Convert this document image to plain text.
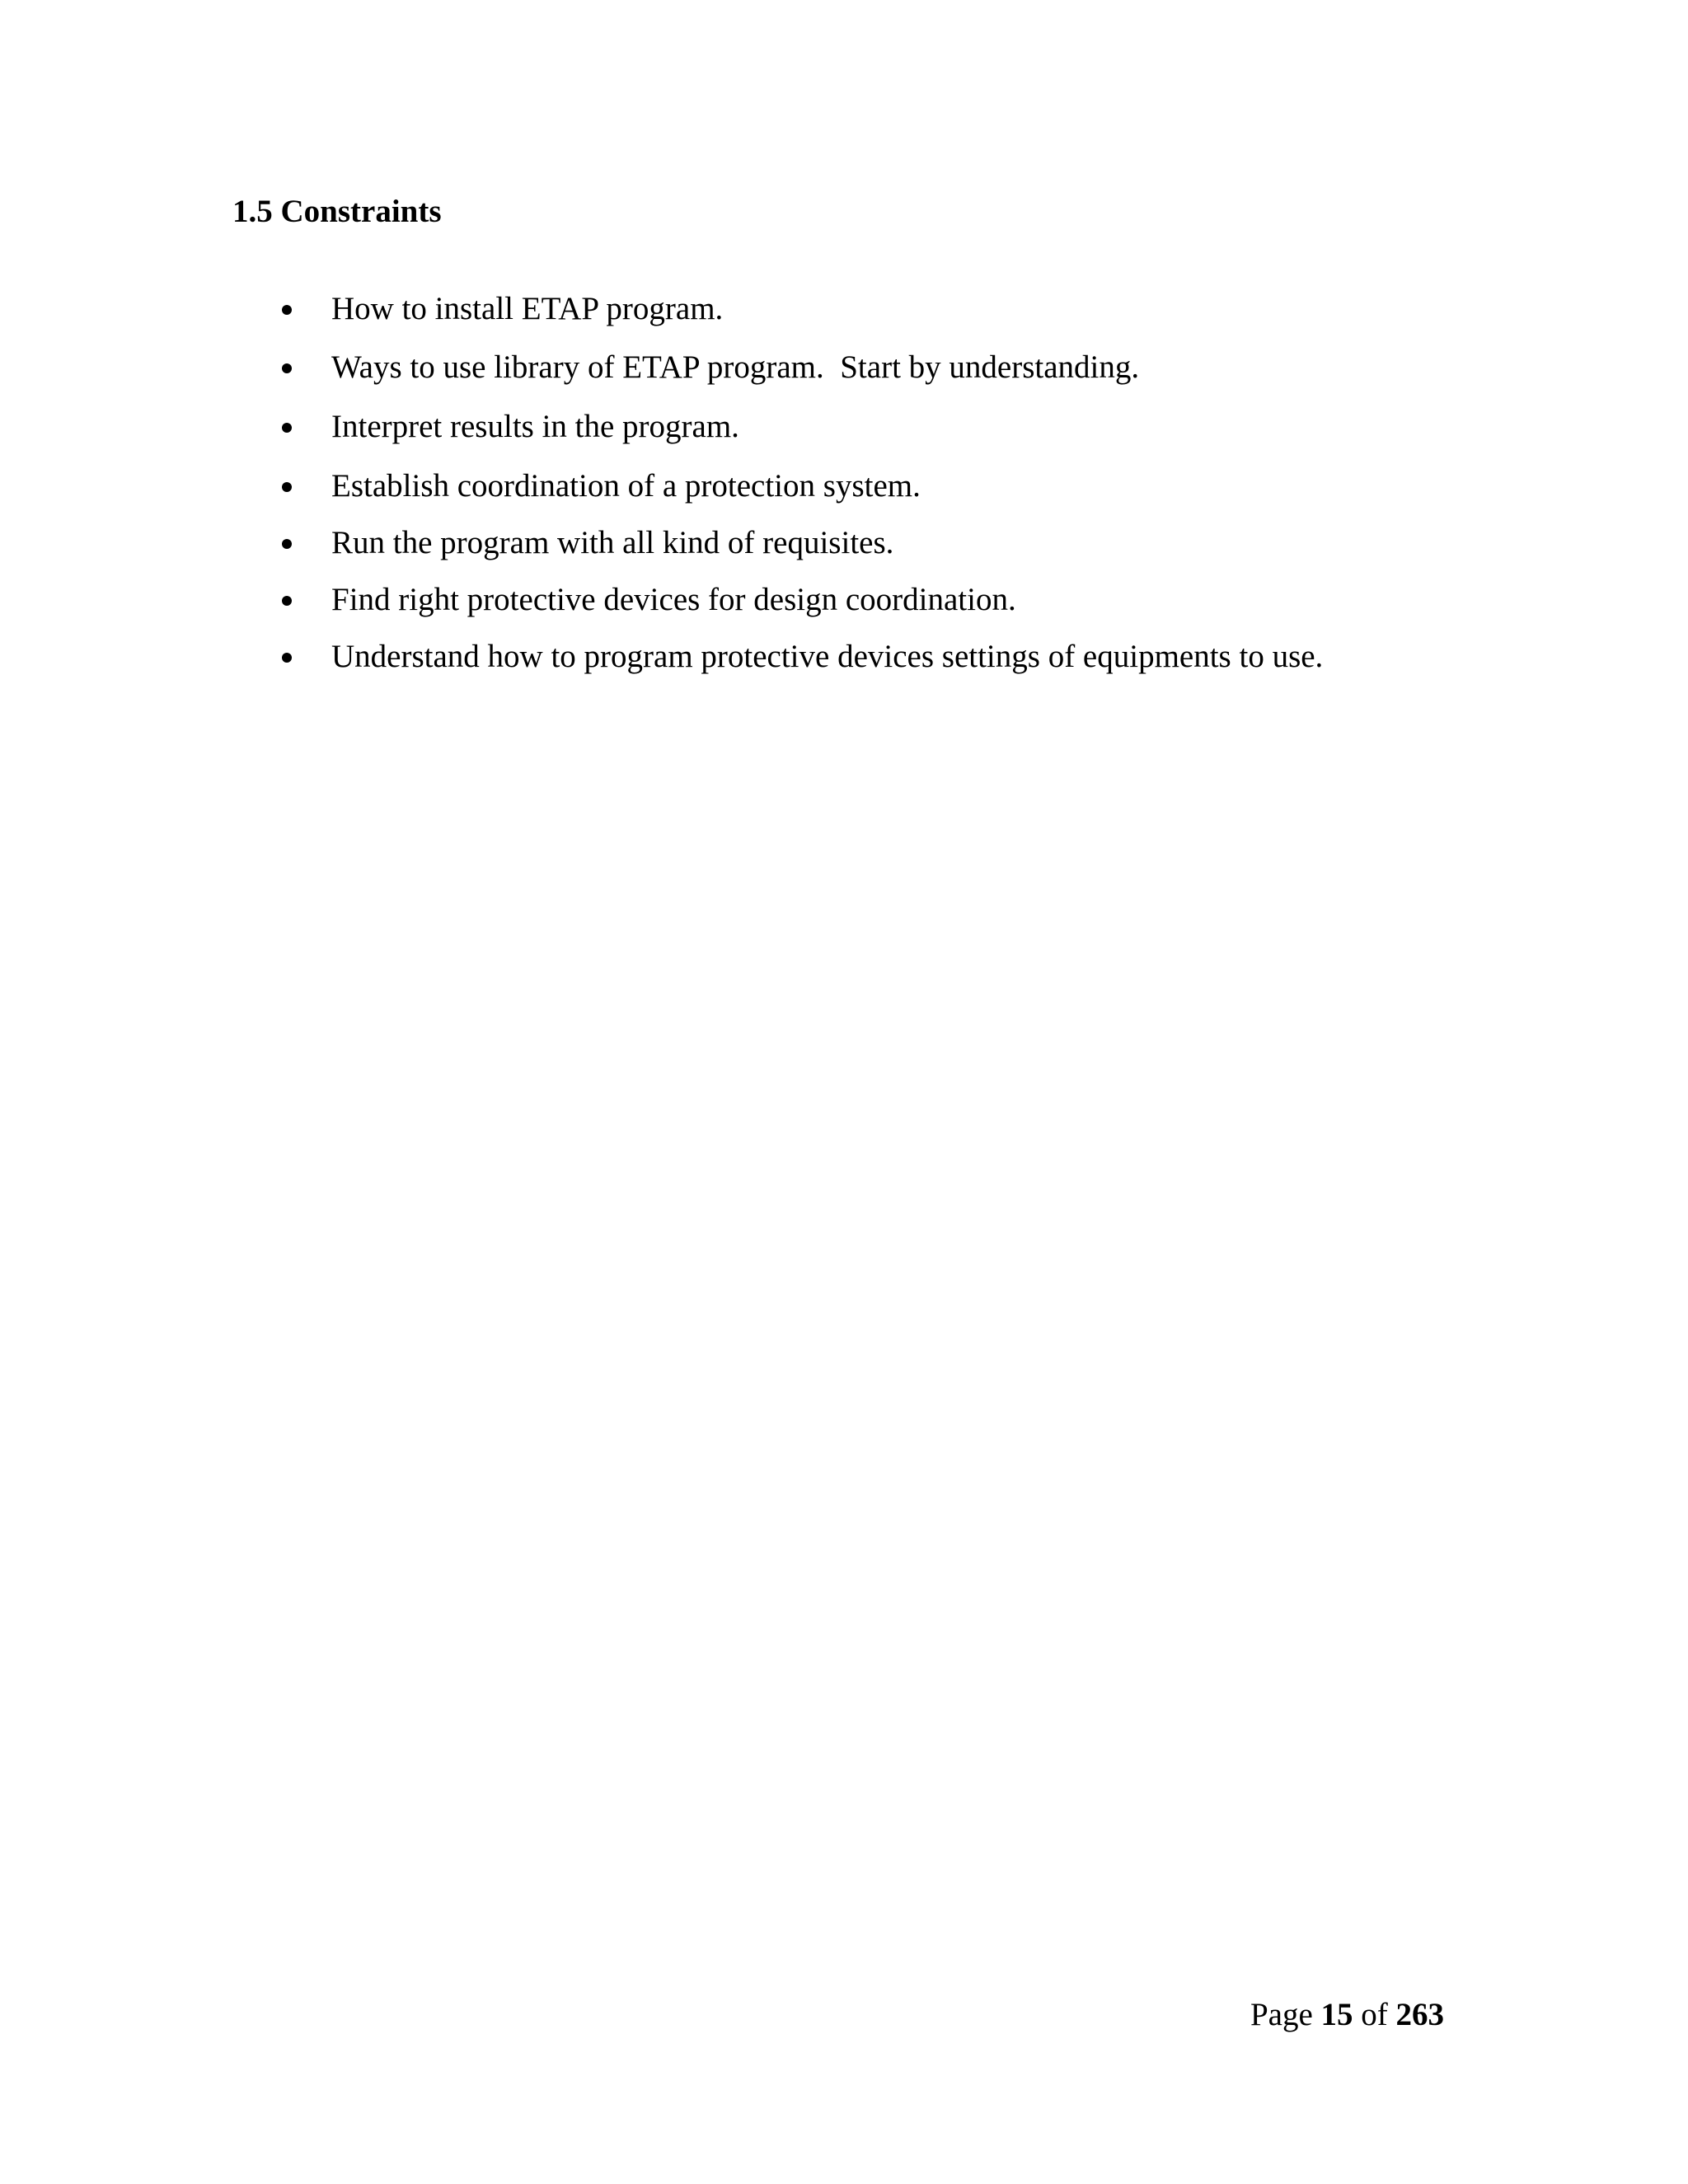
1.5 Constraints
How to install ETAP program.
Ways to use library of ETAP program.  Start by understanding.
Interpret results in the program.
Establish coordination of a protection system.
Run the program with all kind of requisites.
Find right protective devices for design coordination.
Understand how to program protective devices settings of equipments to use.
Page 15 of 263
